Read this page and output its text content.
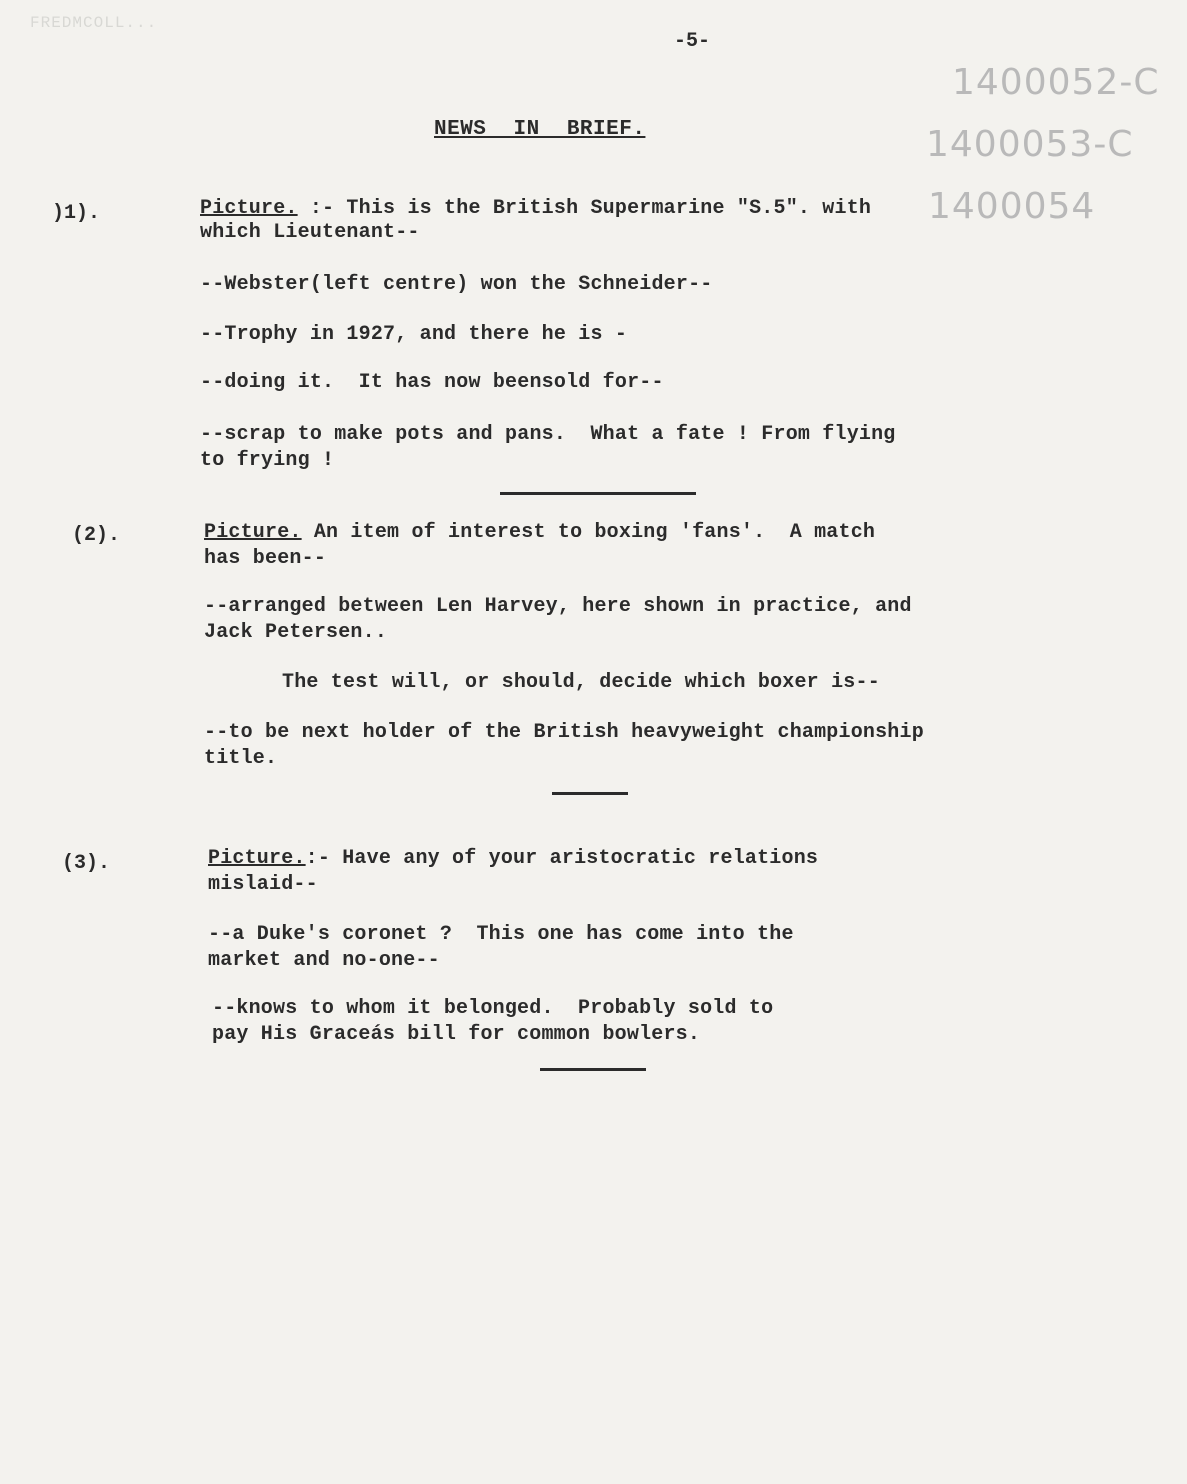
FREDMCOLL...
-5-
1400052-C
1400053-C
1400054
NEWS IN BRIEF.
)1).	Picture. :- This is the British Supermarine "S.5". with
which Lieutenant--
--Webster(left centre) won the Schneider--
--Trophy in 1927, and there he is -
--doing it.  It has now beensold for--
--scrap to make pots and pans.  What a fate ! From flying
to frying !
(2).	Picture. An item of interest to boxing 'fans'.  A match
has been--
--arranged between Len Harvey, here shown in practice, and
Jack Petersen..
The test will, or should, decide which boxer is--
--to be next holder of the British heavyweight championship
title.
(3).	Picture.:- Have any of your aristocratic relations
mislaid--
--a Duke's coronet ?  This one has come into the
market and no-one--
--knows to whom it belonged.  Probably sold to
pay His Graceás bill for common bowlers.
